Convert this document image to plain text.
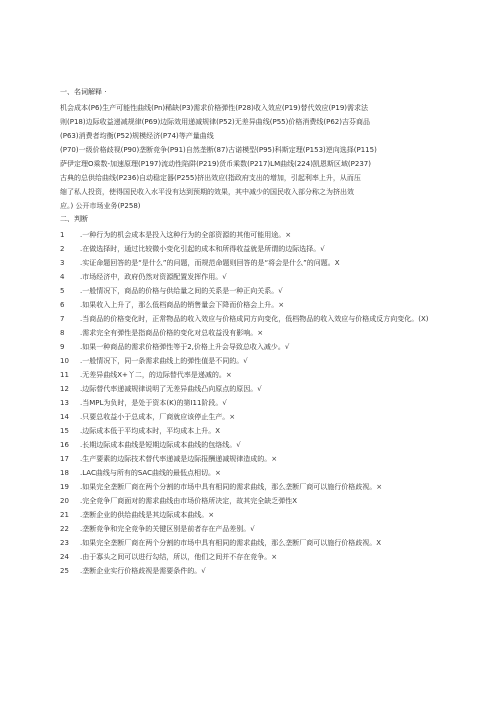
一、名词解释 ·

机会成本(P6)生产可能性曲线(Pn)稀缺(P3)需求价格弹性(P28)收入效应(P19)替代效应(P19)需求法

则(P18)边际收益递减规律(P69)边际效用递减规律(P52)无差异曲线(P55)价格消费线(P62)吉芬商品

(P63)消费者均衡(P52)规模经济(P74)等产量曲线

(P70)一级价格歧视(P90)垄断竞争(P91)自然垄断(87)古诺模型(P95)科斯定理(P153)逆向选择(P115)

萨伊定理O乘数-加速原理(P197)流动性陷阱(P219)货币乘数(P217)LM曲线(224)凯恩斯区域(P237)

古典的总供给曲线(P236)自动稳定器(P255)挤出效应(指政府支出的增加，引起利率上升，从而压

缩了私人投资，使得国民收入水平没有达到预期的效果，其中减少的国民收入部分称之为挤出效

应。) 公开市场业务(P258)

二、判断
1	.一种行为的机会成本是投入这种行为的全部资源的其他可能用途。×
2	.在做选择时，通过比较微小变化引起的成本和所得收益就是所谓的边际选择。√
3	.实证命题回答的是“是什么”的问题，而规范命题则回答的是“将会是什么”的问题。X
4	.市场经济中，政府仍然对资源配置发挥作用。√
5	.一般情况下，商品的价格与供给量之间的关系是一种正向关系。√
6	.如果收入上升了，那么低档商品的销售量会下降而价格会上升。×
7	.当商品的价格变化时，正常物品的收入效应与价格成同方向变化，低档物品的收入效应与价格成反方向变化。(X)
8	.需求完全有弹性是指商品价格的变化对总收益没有影响。×
9	.如果一种商品的需求价格弹性等于2,价格上升会导致总收入减少。√
10	.一般情况下，同一条需求曲线上的弹性值是不同的。√
11	.无差异曲线X+丫二，的边际替代率是递减的。×
12	.边际替代率递减规律说明了无差异曲线凸向原点的原因。√
13	.当MPL为负时，是处于资本(K)的第I11阶段。√
14	.只要总收益小于总成本，厂商就应该停止生产。×
15	.边际成本低于平均成本时，平均成本上升。X
16	.长期边际成本曲线是短期边际成本曲线的包络线。√
17	.生产要素的边际技术替代率递减是边际报酬递减规律造成的。×
18	.LAC曲线与所有的SAC曲线的最低点相切。×
19	.如果完全垄断厂商在两个分割的市场中具有相同的需求曲线，那么垄断厂商可以施行价格歧视。×
20	.完全竞争厂商面对的需求曲线由市场价格所决定，故其完全缺乏弹性X
21	.垄断企业的供给曲线是其边际成本曲线。×
22	.垄断竞争和完全竞争的关键区别是前者存在产品差别。√
23	.如果完全垄断厂商在两个分割的市场中具有相同的需求曲线，那么垄断厂商可以施行价格歧视。X
24	.由于寡头之间可以进行勾结，所以，他们之间并不存在竞争。×
25	.垄断企业实行价格歧视是需要条件的。√
